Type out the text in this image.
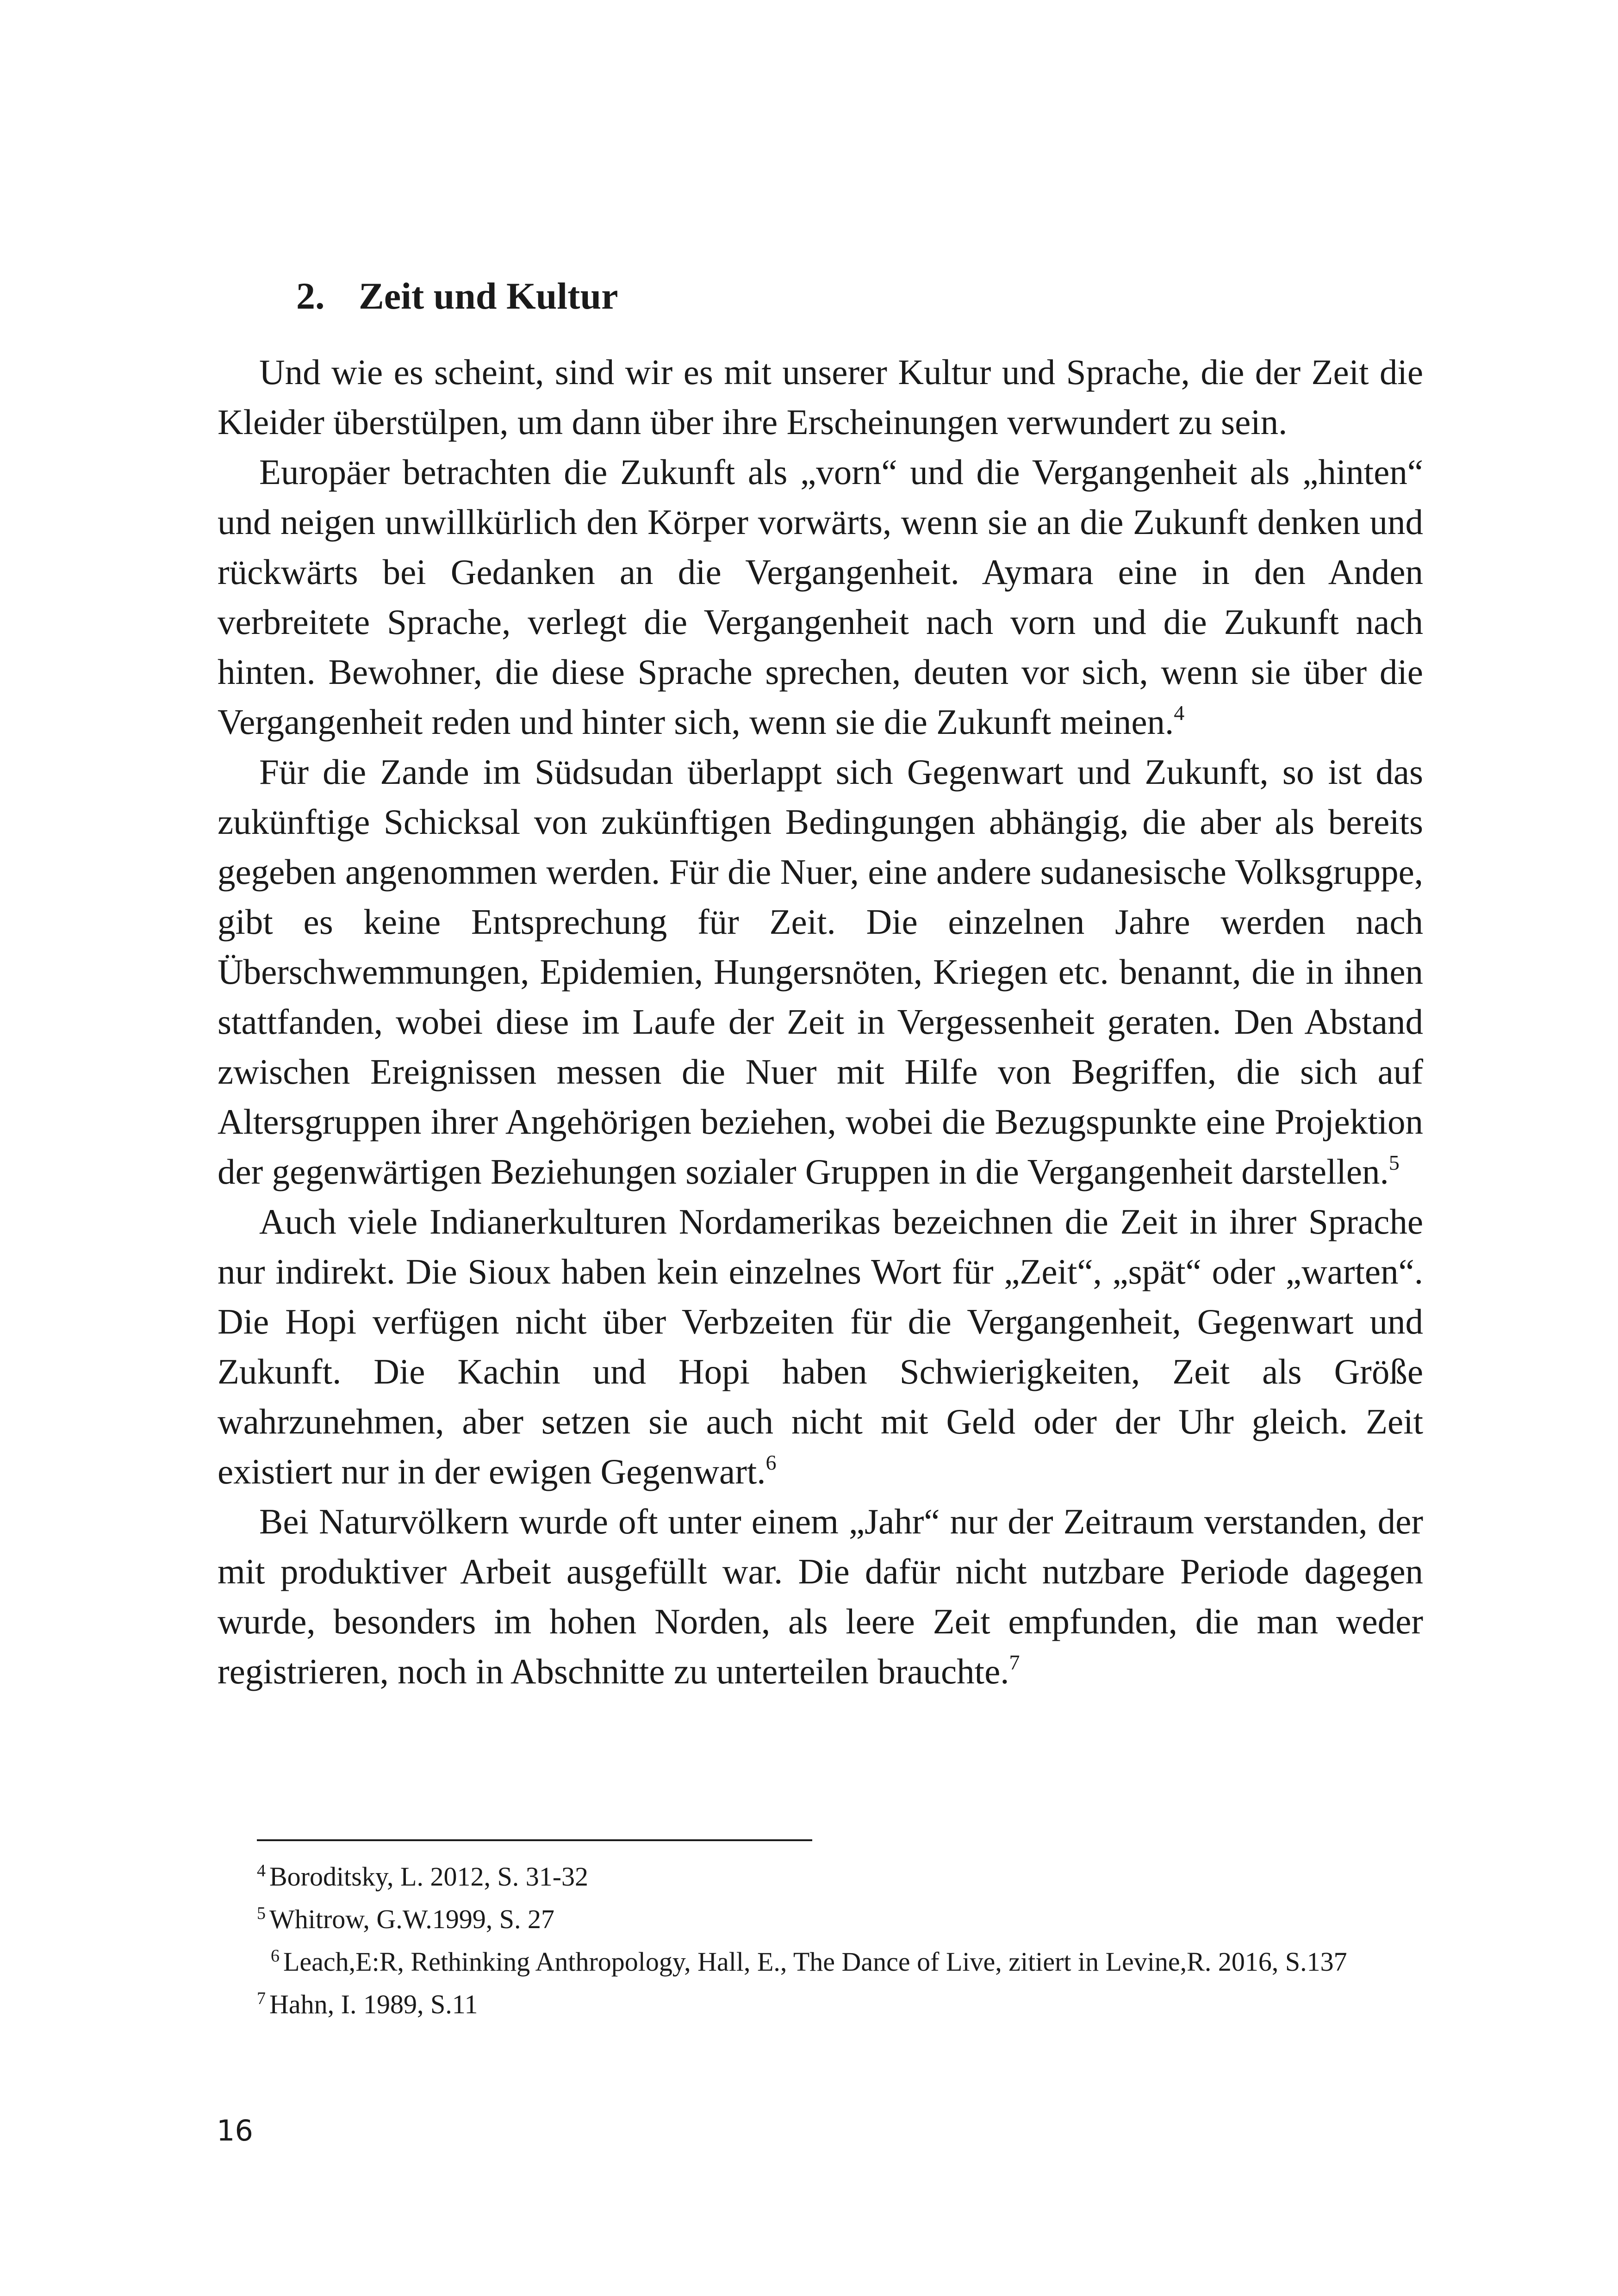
2. Zeit und Kultur

Und wie es scheint, sind wir es mit unserer Kultur und Sprache, die der Zeit die Kleider überstülpen, um dann über ihre Erscheinungen verwundert zu sein.

Europäer betrachten die Zukunft als „vorn“ und die Vergangenheit als „hinten“ und neigen unwillkürlich den Körper vorwärts, wenn sie an die Zukunft denken und rückwärts bei Gedanken an die Vergangenheit. Aymara eine in den Anden verbreitete Sprache, verlegt die Vergangenheit nach vorn und die Zukunft nach hinten. Bewohner, die diese Sprache sprechen, deuten vor sich, wenn sie über die Vergangenheit reden und hinter sich, wenn sie die Zukunft meinen.$^4$

Für die Zande im Südsudan überlappt sich Gegenwart und Zukunft, so ist das zukünftige Schicksal von zukünftigen Bedingungen abhängig, die aber als bereits gegeben angenommen werden. Für die Nuer, eine andere sudanesische Volksgruppe, gibt es keine Entsprechung für Zeit. Die einzelnen Jahre werden nach Überschwemmungen, Epidemien, Hungersnöten, Kriegen etc. benannt, die in ihnen stattfanden, wobei diese im Laufe der Zeit in Vergessenheit geraten. Den Abstand zwischen Ereignissen messen die Nuer mit Hilfe von Begriffen, die sich auf Altersgruppen ihrer Angehörigen beziehen, wobei die Bezugspunkte eine Projektion der gegenwärtigen Beziehungen sozialer Gruppen in die Vergangenheit darstellen.$^5$

Auch viele Indianerkulturen Nordamerikas bezeichnen die Zeit in ihrer Sprache nur indirekt. Die Sioux haben kein einzelnes Wort für „Zeit“, „spät“ oder „warten“. Die Hopi verfügen nicht über Verbzeiten für die Vergangenheit, Gegenwart und Zukunft. Die Kachin und Hopi haben Schwierigkeiten, Zeit als Größe wahrzunehmen, aber setzen sie auch nicht mit Geld oder der Uhr gleich. Zeit existiert nur in der ewigen Gegenwart.$^6$

Bei Naturvölkern wurde oft unter einem „Jahr“ nur der Zeitraum verstanden, der mit produktiver Arbeit ausgefüllt war. Die dafür nicht nutzbare Periode dagegen wurde, besonders im hohen Norden, als leere Zeit empfunden, die man weder registrieren, noch in Abschnitte zu unterteilen brauchte.$^7$

$^4$ Boroditsky, L. 2012, S. 31-32

$^5$ Whitrow, G.W.1999, S. 27

$^6$ Leach,E:R, Rethinking Anthropology, Hall, E., The Dance of Live, zitiert in Levine,R. 2016, S.137

$^7$ Hahn, I. 1989, S.11

16
